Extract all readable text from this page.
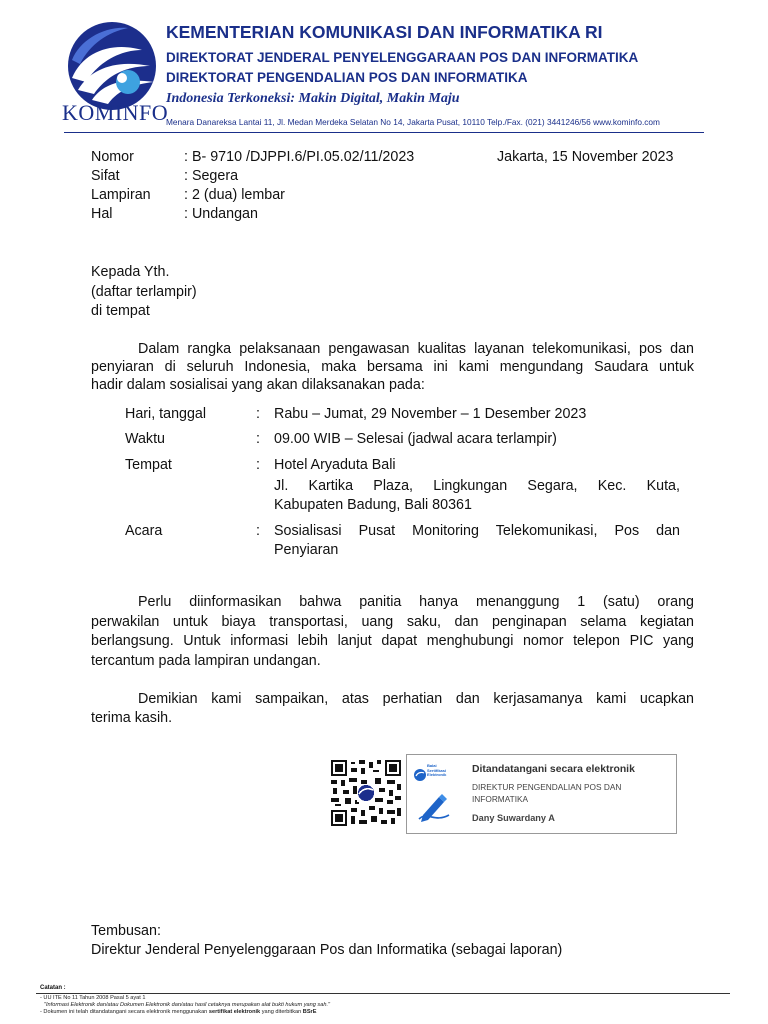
KOMINFO
KEMENTERIAN KOMUNIKASI DAN INFORMATIKA RI
DIREKTORAT JENDERAL PENYELENGGARAAN POS DAN INFORMATIKA
DIREKTORAT PENGENDALIAN POS DAN INFORMATIKA
Indonesia Terkoneksi: Makin Digital, Makin Maju
Menara Danareksa Lantai 11, Jl. Medan Merdeka Selatan No 14, Jakarta Pusat, 10110 Telp./Fax. (021) 3441246/56 www.kominfo.com
Nomor	: B- 9710 /DJPPI.6/PI.05.02/11/2023	Jakarta, 15 November 2023
Sifat	: Segera
Lampiran : 2 (dua) lembar
Hal	: Undangan
Kepada Yth.
(daftar terlampir)
di tempat
Dalam rangka pelaksanaan pengawasan kualitas layanan telekomunikasi, pos dan
penyiaran di seluruh Indonesia, maka bersama ini kami mengundang Saudara untuk
hadir dalam sosialisai yang akan dilaksanakan pada:
Hari, tanggal	: Rabu – Jumat, 29 November – 1 Desember 2023
Waktu	: 09.00 WIB – Selesai (jadwal acara terlampir)
Tempat	: Hotel Aryaduta Bali
Jl. Kartika Plaza, Lingkungan Segara, Kec. Kuta,
Kabupaten Badung, Bali 80361
Acara	: Sosialisasi Pusat Monitoring Telekomunikasi, Pos dan
Penyiaran
Perlu diinformasikan bahwa panitia hanya menanggung 1 (satu) orang
perwakilan untuk biaya transportasi, uang saku, dan penginapan selama kegiatan
berlangsung. Untuk informasi lebih lanjut dapat menghubungi nomor telepon PIC yang
tercantum pada lampiran undangan.
Demikian kami sampaikan, atas perhatian dan kerjasamanya kami ucapkan
terima kasih.
Balai Sertifikasi Elektronik	Ditandatangani secara elektronik
DIREKTUR PENGENDALIAN POS DAN INFORMATIKA
Dany Suwardany A
Tembusan:
Direktur Jenderal Penyelenggaraan Pos dan Informatika (sebagai laporan)
Catatan :
- UU ITE No 11 Tahun 2008 Pasal 5 ayat 1
"Informasi Elektronik dan/atau Dokumen Elektronik dan/atau hasil cetaknya merupakan alat bukti hukum yang sah."
- Dokumen ini telah ditandatangani secara elektronik menggunakan sertifikat elektronik yang diterbitkan BSrE
